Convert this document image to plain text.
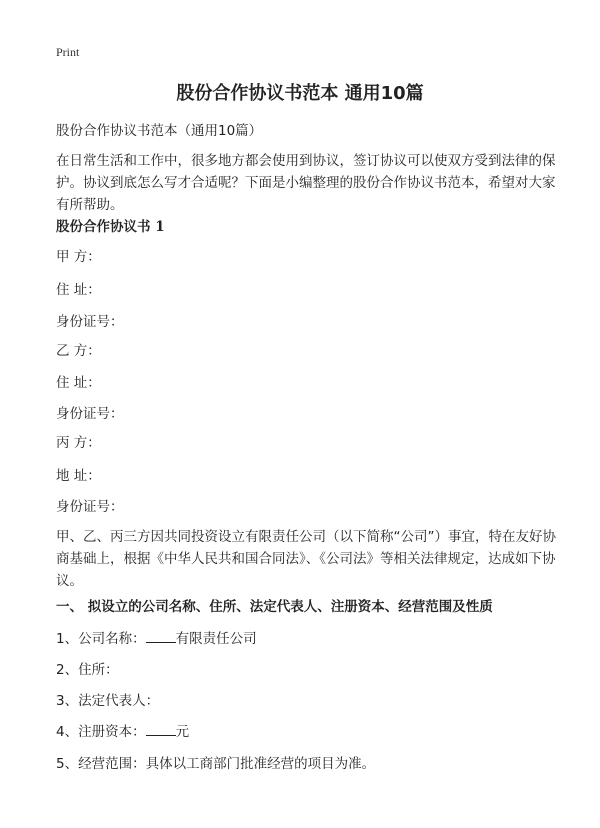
Print
股份合作协议书范本 通用10篇
股份合作协议书范本（通用10篇）
在日常生活和工作中，很多地方都会使用到协议，签订协议可以使双方受到法律的保护。协议到底怎么写才合适呢？下面是小编整理的股份合作协议书范本，希望对大家有所帮助。
股份合作协议书 1
甲 方：
住 址：
身份证号：
乙 方：
住 址：
身份证号：
丙 方：
地 址：
身份证号：
甲、乙、丙三方因共同投资设立有限责任公司（以下简称“公司”）事宜，特在友好协商基础上，根据《中华人民共和国合同法》、《公司法》等相关法律规定，达成如下协议。
一、 拟设立的公司名称、住所、法定代表人、注册资本、经营范围及性质
1、公司名称： 有限责任公司
2、住所：
3、法定代表人：
4、注册资本： 元
5、经营范围：具体以工商部门批准经营的项目为准。
